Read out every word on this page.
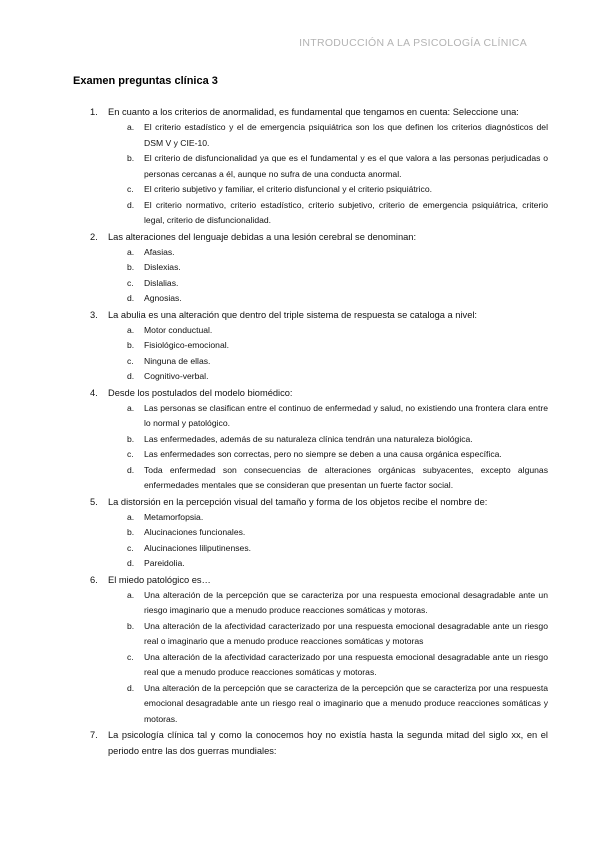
INTRODUCCIÓN A LA PSICOLOGÍA CLÍNICA
Examen preguntas clínica 3
1. En cuanto a los criterios de anormalidad, es fundamental que tengamos en cuenta: Seleccione una:
a. El criterio estadístico y el de emergencia psiquiátrica son los que definen los criterios diagnósticos del DSM V y CIE-10.
b. El criterio de disfuncionalidad ya que es el fundamental y es el que valora a las personas perjudicadas o personas cercanas a él, aunque no sufra de una conducta anormal.
c. El criterio subjetivo y familiar, el criterio disfuncional y el criterio psiquiátrico.
d. El criterio normativo, criterio estadístico, criterio subjetivo, criterio de emergencia psiquiátrica, criterio legal, criterio de disfuncionalidad.
2. Las alteraciones del lenguaje debidas a una lesión cerebral se denominan:
a. Afasias.
b. Dislexias.
c. Dislalias.
d. Agnosias.
3. La abulia es una alteración que dentro del triple sistema de respuesta se cataloga a nivel:
a. Motor conductual.
b. Fisiológico-emocional.
c. Ninguna de ellas.
d. Cognitivo-verbal.
4. Desde los postulados del modelo biomédico:
a. Las personas se clasifican entre el continuo de enfermedad y salud, no existiendo una frontera clara entre lo normal y patológico.
b. Las enfermedades, además de su naturaleza clínica tendrán una naturaleza biológica.
c. Las enfermedades son correctas, pero no siempre se deben a una causa orgánica específica.
d. Toda enfermedad son consecuencias de alteraciones orgánicas subyacentes, excepto algunas enfermedades mentales que se consideran que presentan un fuerte factor social.
5. La distorsión en la percepción visual del tamaño y forma de los objetos recibe el nombre de:
a. Metamorfopsia.
b. Alucinaciones funcionales.
c. Alucinaciones liliputinenses.
d. Pareidolia.
6. El miedo patológico es…
a. Una alteración de la percepción que se caracteriza por una respuesta emocional desagradable ante un riesgo imaginario que a menudo produce reacciones somáticas y motoras.
b. Una alteración de la afectividad caracterizado por una respuesta emocional desagradable ante un riesgo real o imaginario que a menudo produce reacciones somáticas y motoras
c. Una alteración de la afectividad caracterizado por una respuesta emocional desagradable ante un riesgo real que a menudo produce reacciones somáticas y motoras.
d. Una alteración de la percepción que se caracteriza de la percepción que se caracteriza por una respuesta emocional desagradable ante un riesgo real o imaginario que a menudo produce reacciones somáticas y motoras.
7. La psicología clínica tal y como la conocemos hoy no existía hasta la segunda mitad del siglo xx, en el periodo entre las dos guerras mundiales:
